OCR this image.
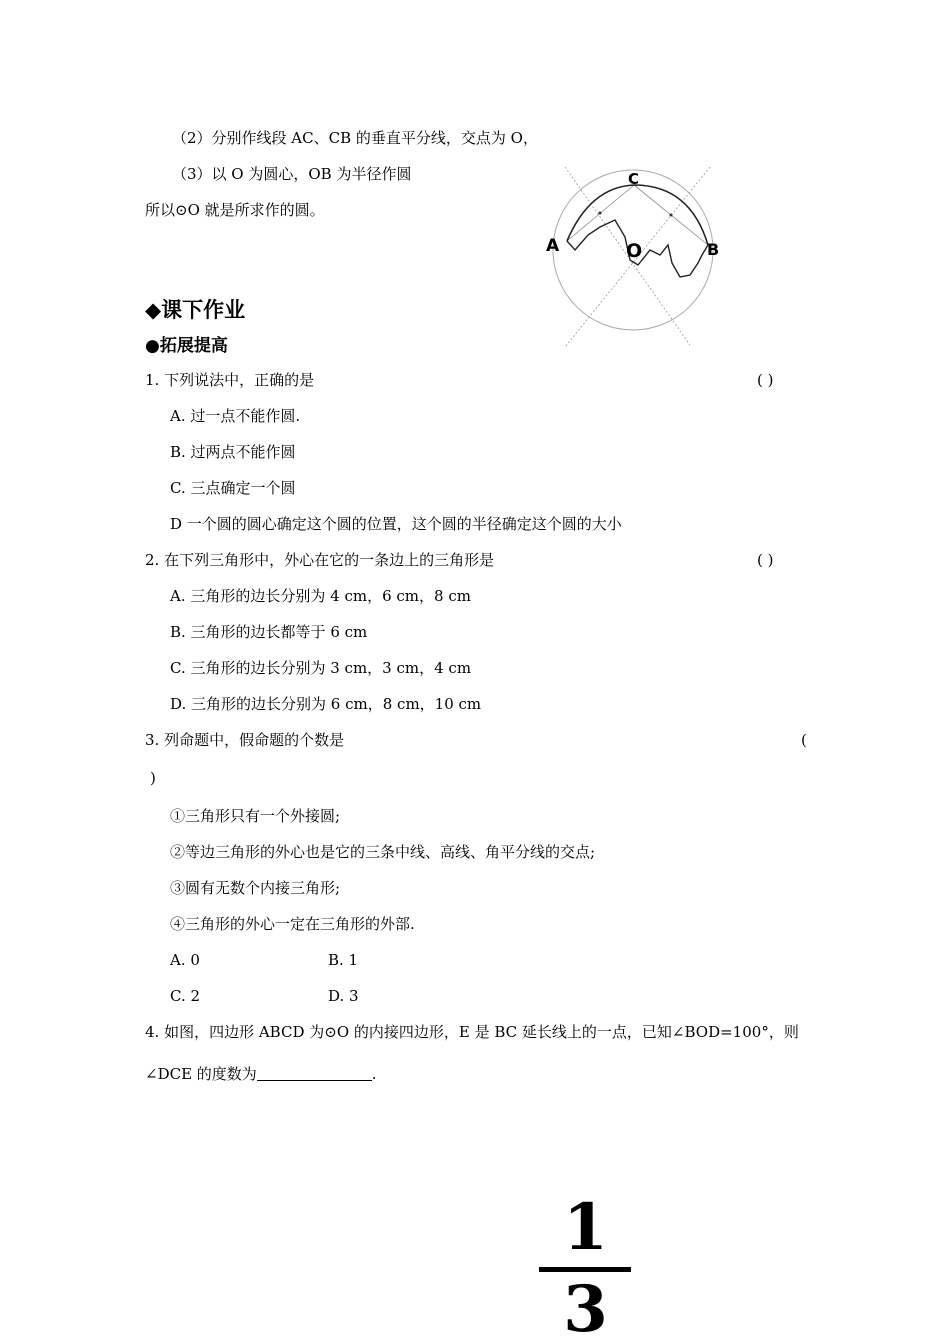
（2）分别作线段 AC、CB 的垂直平分线，交点为 O，
（3）以 O 为圆心，OB 为半径作圆
所以⊙O 就是所求作的圆。
C
A	O	B
◆课下作业
●拓展提高
1. 下列说法中，正确的是	( )
A. 过一点不能作圆.
B. 过两点不能作圆
C. 三点确定一个圆
D 一个圆的圆心确定这个圆的位置，这个圆的半径确定这个圆的大小
2. 在下列三角形中，外心在它的一条边上的三角形是	( )
A. 三角形的边长分别为 4 cm，6 cm，8 cm
B. 三角形的边长都等于 6 cm
C. 三角形的边长分别为 3 cm，3 cm，4 cm
D. 三角形的边长分别为 6 cm，8 cm，10 cm
3. 列命题中，假命题的个数是	(
)
①三角形只有一个外接圆;
②等边三角形的外心也是它的三条中线、高线、角平分线的交点;
③圆有无数个内接三角形;
④三角形的外心一定在三角形的外部.
A. 0	B. 1
C. 2	D. 3
4. 如图，四边形 ABCD 为⊙O 的内接四边形，E 是 BC 延长线上的一点，已知∠BOD=100°，则
∠DCE 的度数为	.
1
3
